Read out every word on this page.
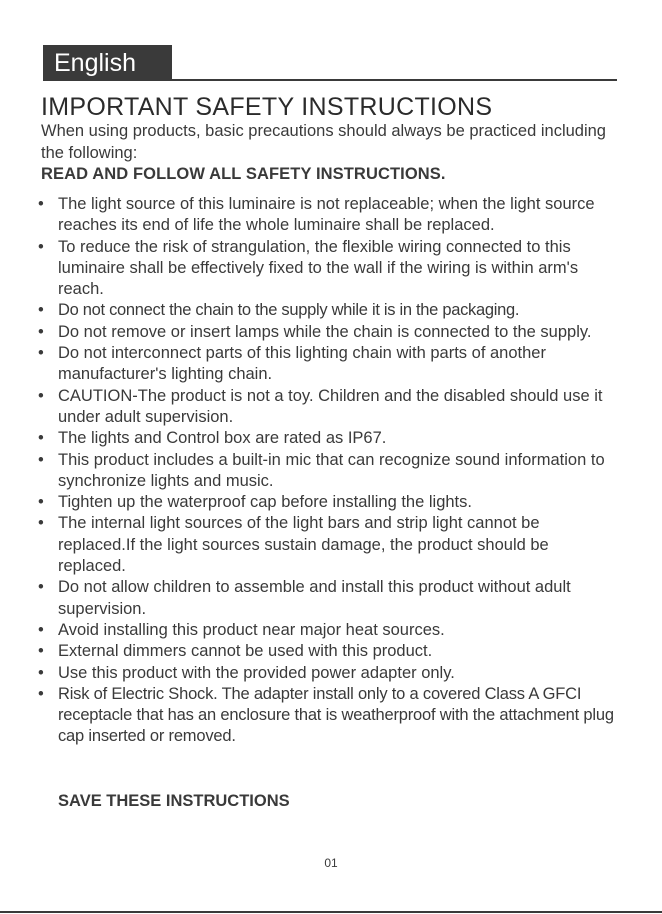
English
IMPORTANT SAFETY INSTRUCTIONS
When using products, basic precautions should always be practiced including the following:
READ AND FOLLOW ALL SAFETY INSTRUCTIONS.
• The light source of this luminaire is not replaceable; when the light source reaches its end of life the whole luminaire shall be replaced.
• To reduce the risk of strangulation, the flexible wiring connected to this luminaire shall be effectively fixed to the wall if the wiring is within arm's reach.
• Do not connect the chain to the supply while it is in the packaging.
• Do not remove or insert lamps while the chain is connected to the supply.
• Do not interconnect parts of this lighting chain with parts of another manufacturer's lighting chain.
• CAUTION-The product is not a toy. Children and the disabled should use it under adult supervision.
• The lights and Control box are rated as IP67.
• This product includes a built-in mic that can recognize sound information to synchronize lights and music.
• Tighten up the waterproof cap before installing the lights.
• The internal light sources of the light bars and strip light cannot be replaced.If the light sources sustain damage, the product should be replaced.
• Do not allow children to assemble and install this product without adult supervision.
• Avoid installing this product near major heat sources.
• External dimmers cannot be used with this product.
• Use this product with the provided power adapter only.
• Risk of Electric Shock. The adapter install only to a covered Class A GFCI receptacle that has an enclosure that is weatherproof with the attachment plug cap inserted or removed.
SAVE THESE INSTRUCTIONS
01
